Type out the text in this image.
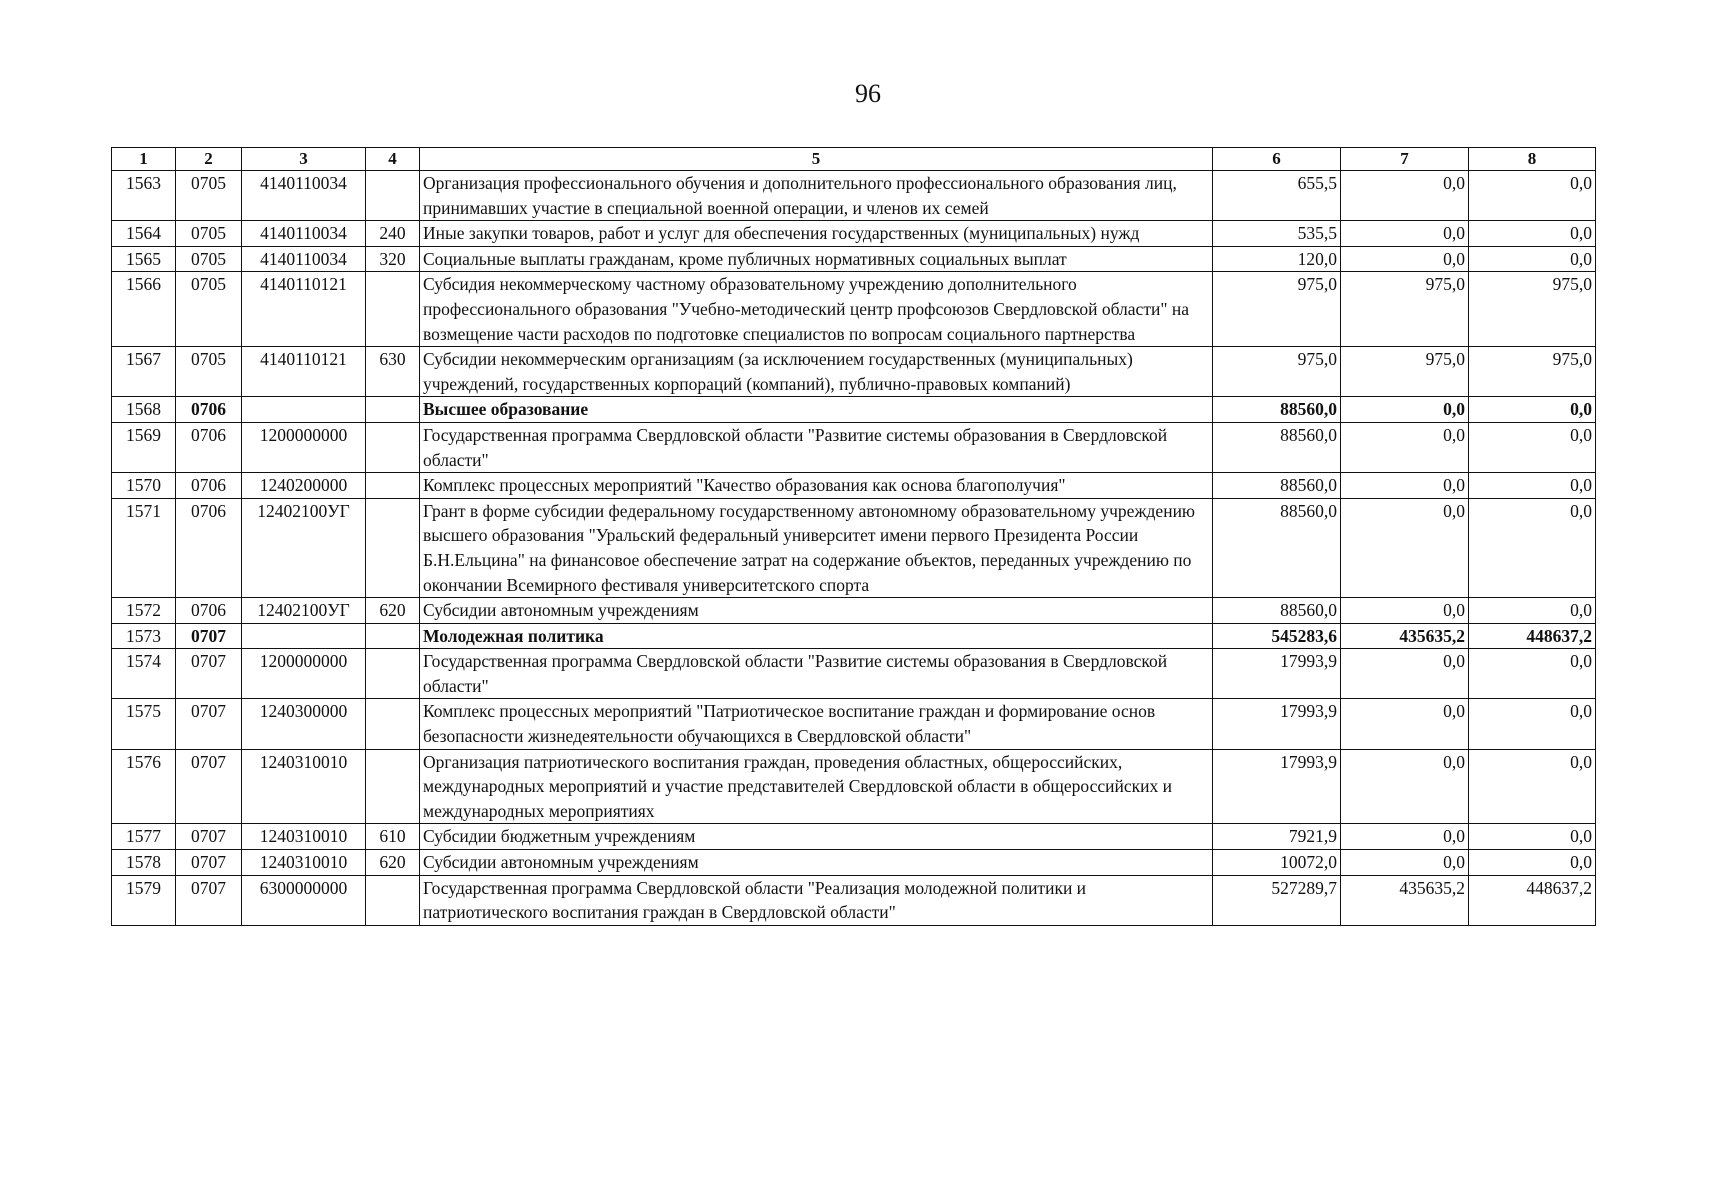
96
1	2	3	4	5	6	7	8
1563	0705	4140110034		Организация профессионального обучения и дополнительного профессионального образования лиц, принимавших участие в специальной военной операции, и членов их семей	655,5	0,0	0,0
1564	0705	4140110034	240	Иные закупки товаров, работ и услуг для обеспечения государственных (муниципальных) нужд	535,5	0,0	0,0
1565	0705	4140110034	320	Социальные выплаты гражданам, кроме публичных нормативных социальных выплат	120,0	0,0	0,0
1566	0705	4140110121		Субсидия некоммерческому частному образовательному учреждению дополнительного профессионального образования "Учебно-методический центр профсоюзов Свердловской области" на возмещение части расходов по подготовке специалистов по вопросам социального партнерства	975,0	975,0	975,0
1567	0705	4140110121	630	Субсидии некоммерческим организациям (за исключением государственных (муниципальных) учреждений, государственных корпораций (компаний), публично-правовых компаний)	975,0	975,0	975,0
1568	0706			Высшее образование	88560,0	0,0	0,0
1569	0706	1200000000		Государственная программа Свердловской области "Развитие системы образования в Свердловской области"	88560,0	0,0	0,0
1570	0706	1240200000		Комплекс процессных мероприятий "Качество образования как основа благополучия"	88560,0	0,0	0,0
1571	0706	12402100УГ		Грант в форме субсидии федеральному государственному автономному образовательному учреждению высшего образования "Уральский федеральный университет имени первого Президента России Б.Н.Ельцина" на финансовое обеспечение затрат на содержание объектов, переданных учреждению по окончании Всемирного фестиваля университетского спорта	88560,0	0,0	0,0
1572	0706	12402100УГ	620	Субсидии автономным учреждениям	88560,0	0,0	0,0
1573	0707			Молодежная политика	545283,6	435635,2	448637,2
1574	0707	1200000000		Государственная программа Свердловской области "Развитие системы образования в Свердловской области"	17993,9	0,0	0,0
1575	0707	1240300000		Комплекс процессных мероприятий "Патриотическое воспитание граждан и формирование основ безопасности жизнедеятельности обучающихся в Свердловской области"	17993,9	0,0	0,0
1576	0707	1240310010		Организация патриотического воспитания граждан, проведения областных, общероссийских, международных мероприятий и участие представителей Свердловской области в общероссийских и международных мероприятиях	17993,9	0,0	0,0
1577	0707	1240310010	610	Субсидии бюджетным учреждениям	7921,9	0,0	0,0
1578	0707	1240310010	620	Субсидии автономным учреждениям	10072,0	0,0	0,0
1579	0707	6300000000		Государственная программа Свердловской области "Реализация молодежной политики и патриотического воспитания граждан в Свердловской области"	527289,7	435635,2	448637,2
